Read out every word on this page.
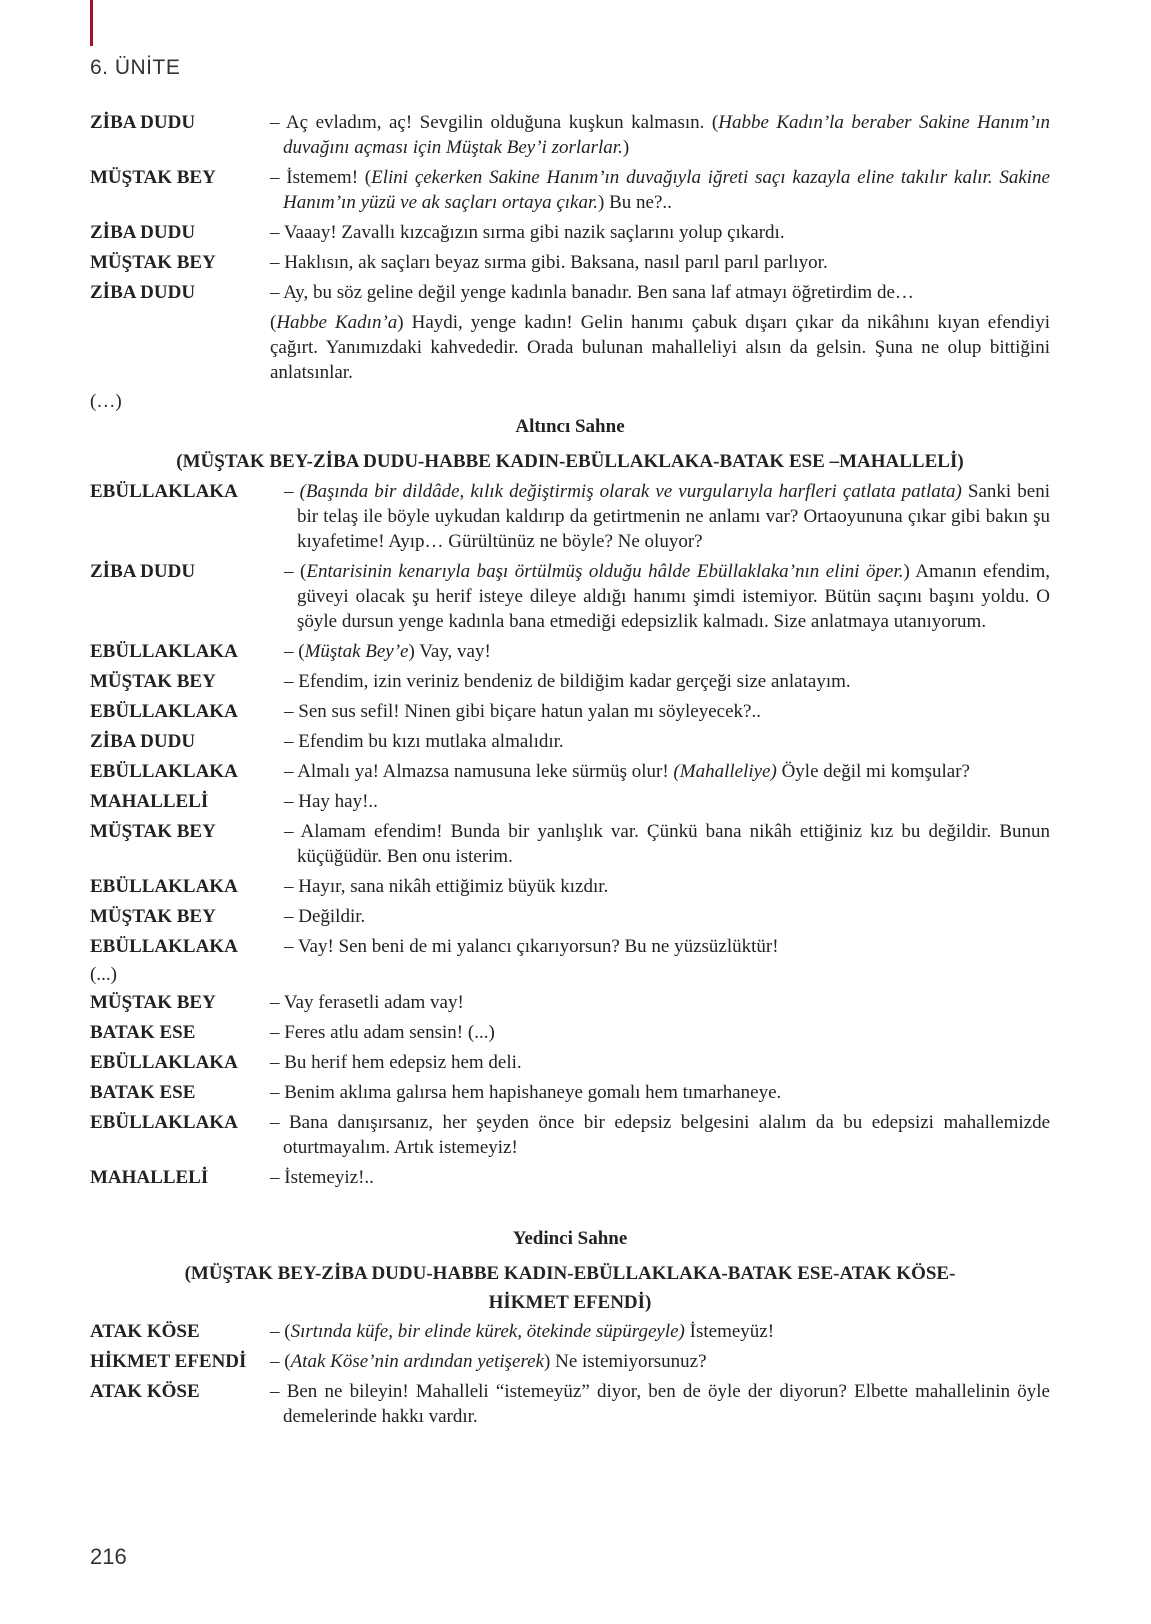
6. ÜNİTE
ZİBA DUDU	– Aç evladım, aç! Sevgilin olduğuna kuşkun kalmasın. (Habbe Kadın’la beraber Sakine Hanım’ın duvağını açması için Müştak Bey’i zorlarlar.)
MÜŞTAK BEY	– İstemem! (Elini çekerken Sakine Hanım’ın duvağıyla iğreti saçı kazayla eline takılır kalır. Sakine Hanım’ın yüzü ve ak saçları ortaya çıkar.) Bu ne?..
ZİBA DUDU	– Vaaay! Zavallı kızcağızın sırma gibi nazik saçlarını yolup çıkardı.
MÜŞTAK BEY	– Haklısın, ak saçları beyaz sırma gibi. Baksana, nasıl parıl parıl parlıyor.
ZİBA DUDU	– Ay, bu söz geline değil yenge kadınla banadır. Ben sana laf atmayı öğretirdim de…
(Habbe Kadın’a) Haydi, yenge kadın! Gelin hanımı çabuk dışarı çıkar da nikâhını kıyan efendiyi çağırt. Yanımızdaki kahvededir. Orada bulunan mahalleliyi alsın da gelsin. Şuna ne olup bittiğini anlatsınlar.

(…)

Altıncı Sahne

(MÜŞTAK BEY-ZİBA DUDU-HABBE KADIN-EBÜLLAKLAKA-BATAK ESE –MAHALLELİ)

EBÜLLAKLAKA – (Başında bir dildâde, kılık değiştirmiş olarak ve vurgularıyla harfleri çatlata patlata) Sanki beni bir telaş ile böyle uykudan kaldırıp da getirtmenin ne anlamı var? Ortaoyununa çıkar gibi bakın şu kıyafetime! Ayıp… Gürültünüz ne böyle? Ne oluyor?
ZİBA DUDU	– (Entarisinin kenarıyla başı örtülmüş olduğu hâlde Ebüllaklaka’nın elini öper.) Amanın efendim, güveyi olacak şu herif isteye dileye aldığı hanımı şimdi istemiyor. Bütün saçını başını yoldu. O şöyle dursun yenge kadınla bana etmediği edepsizlik kalmadı. Size anlatmaya utanıyorum.
EBÜLLAKLAKA – (Müştak Bey’e) Vay, vay!
MÜŞTAK BEY	– Efendim, izin veriniz bendeniz de bildiğim kadar gerçeği size anlatayım.
EBÜLLAKLAKA – Sen sus sefil! Ninen gibi biçare hatun yalan mı söyleyecek?..
ZİBA DUDU	– Efendim bu kızı mutlaka almalıdır.
EBÜLLAKLAKA – Almalı ya! Almazsa namusuna leke sürmüş olur! (Mahalleliye) Öyle değil mi komşular?
MAHALLELİ	– Hay hay!..
MÜŞTAK BEY	– Alamam efendim! Bunda bir yanlışlık var. Çünkü bana nikâh ettiğiniz kız bu değildir. Bunun küçüğüdür. Ben onu isterim.
EBÜLLAKLAKA – Hayır, sana nikâh ettiğimiz büyük kızdır.
MÜŞTAK BEY	– Değildir.
EBÜLLAKLAKA – Vay! Sen beni de mi yalancı çıkarıyorsun? Bu ne yüzsüzlüktür!

(...)

MÜŞTAK BEY	– Vay ferasetli adam vay!
BATAK ESE	– Feres atlu adam sensin! (...)
EBÜLLAKLAKA – Bu herif hem edepsiz hem deli.
BATAK ESE	– Benim aklıma galırsa hem hapishaneye gomalı hem tımarhaneye.
EBÜLLAKLAKA – Bana danışırsanız, her şeyden önce bir edepsiz belgesini alalım da bu edepsizi mahallemizde oturtmayalım. Artık istemeyiz!
MAHALLELİ	– İstemeyiz!..

Yedinci Sahne

(MÜŞTAK BEY-ZİBA DUDU-HABBE KADIN-EBÜLLAKLAKA-BATAK ESE-ATAK KÖSE-

HİKMET EFENDİ)

ATAK KÖSE	– (Sırtında küfe, bir elinde kürek, ötekinde süpürgeyle) İstemeyüz!
HİKMET EFENDİ – (Atak Köse’nin ardından yetişerek) Ne istemiyorsunuz?
ATAK KÖSE	– Ben ne bileyin! Mahalleli “istemeyüz” diyor, ben de öyle der diyorun? Elbette mahallelinin öyle demelerinde hakkı vardır.
216
